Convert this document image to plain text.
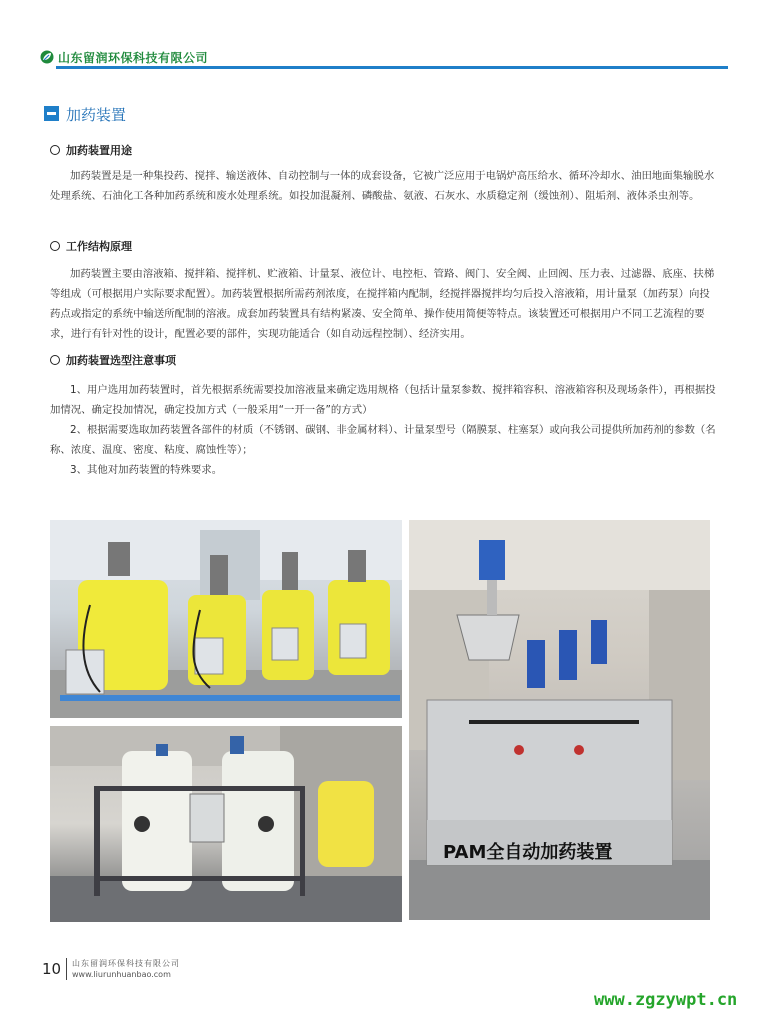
山东留润环保科技有限公司
加药装置
加药装置用途
加药装置是是一种集投药、搅拌、输送液体、自动控制与一体的成套设备，它被广泛应用于电锅炉高压给水、循环冷却水、油田地面集输脱水处理系统、石油化工各种加药系统和废水处理系统。如投加混凝剂、磷酸盐、氨液、石灰水、水质稳定剂（缓蚀剂）、阻垢剂、液体杀虫剂等。
工作结构原理
加药装置主要由溶液箱、搅拌箱、搅拌机、贮液箱、计量泵、液位计、电控柜、管路、阀门、安全阀、止回阀、压力表、过滤器、底座、扶梯等组成（可根据用户实际要求配置）。加药装置根据所需药剂浓度，在搅拌箱内配制，经搅拌器搅拌均匀后投入溶液箱，用计量泵（加药泵）向投药点或指定的系统中输送所配制的溶液。成套加药装置具有结构紧凑、安全简单、操作使用简便等特点。该装置还可根据用户不同工艺流程的要求，进行有针对性的设计，配置必要的部件，实现功能适合（如自动远程控制）、经济实用。
加药装置选型注意事项
1、用户选用加药装置时，首先根据系统需要投加溶液量来确定选用规格（包括计量泵参数、搅拌箱容积、溶液箱容积及现场条件），再根据投加情况、确定投加情况，确定投加方式（一般采用“一开一备”的方式）
2、根据需要选取加药装置各部件的材质（不锈钢、碳钢、非金属材料）、计量泵型号（隔膜泵、柱塞泵）或向我公司提供所加药剂的参数（名称、浓度、温度、密度、粘度、腐蚀性等）；
3、其他对加药装置的特殊要求。
PAM全自动加药装置
10 山东留润环保科技有限公司
www.liurunhuanbao.com
www.zgzywpt.cn
